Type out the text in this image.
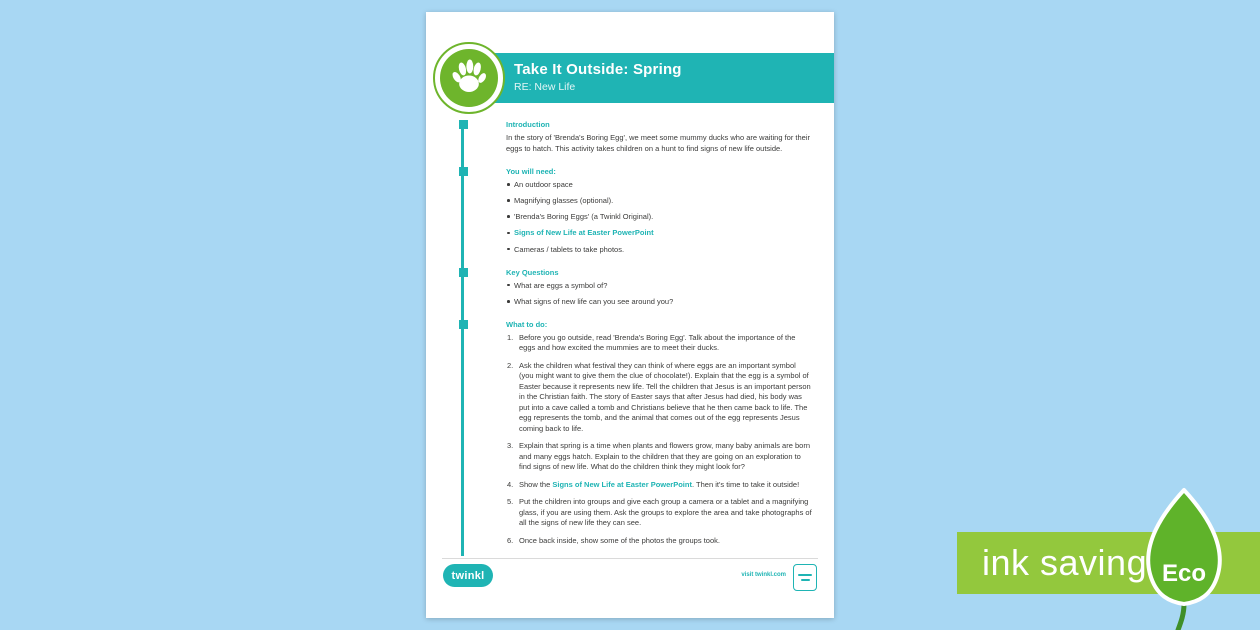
Take It Outside: Spring
RE: New Life
Introduction

In the story of 'Brenda's Boring Egg', we meet some mummy ducks who are waiting for their eggs to hatch. This activity takes children on a hunt to find signs of new life outside.

You will need:
An outdoor space
Magnifying glasses (optional).
'Brenda's Boring Eggs' (a Twinkl Original).
Signs of New Life at Easter PowerPoint
Cameras / tablets to take photos.
Key Questions
What are eggs a symbol of?
What signs of new life can you see around you?
What to do:
Before you go outside, read 'Brenda's Boring Egg'. Talk about the importance of the eggs and how excited the mummies are to meet their ducks.
Ask the children what festival they can think of where eggs are an important symbol (you might want to give them the clue of chocolate!). Explain that the egg is a symbol of Easter because it represents new life. Tell the children that Jesus is an important person in the Christian faith. The story of Easter says that after Jesus had died, his body was put into a cave called a tomb and Christians believe that he then came back to life. The egg represents the tomb, and the animal that comes out of the egg represents Jesus coming back to life.
Explain that spring is a time when plants and flowers grow, many baby animals are born and many eggs hatch. Explain to the children that they are going on an exploration to find signs of new life. What do the children think they might look for?
Show the Signs of New Life at Easter PowerPoint. Then it's time to take it outside!
Put the children into groups and give each group a camera or a tablet and a magnifying glass, if you are using them. Ask the groups to explore the area and take photographs of all the signs of new life they can see.
Once back inside, show some of the photos the groups took.
twinkl	visit twinkl.com	ink saving Eco
